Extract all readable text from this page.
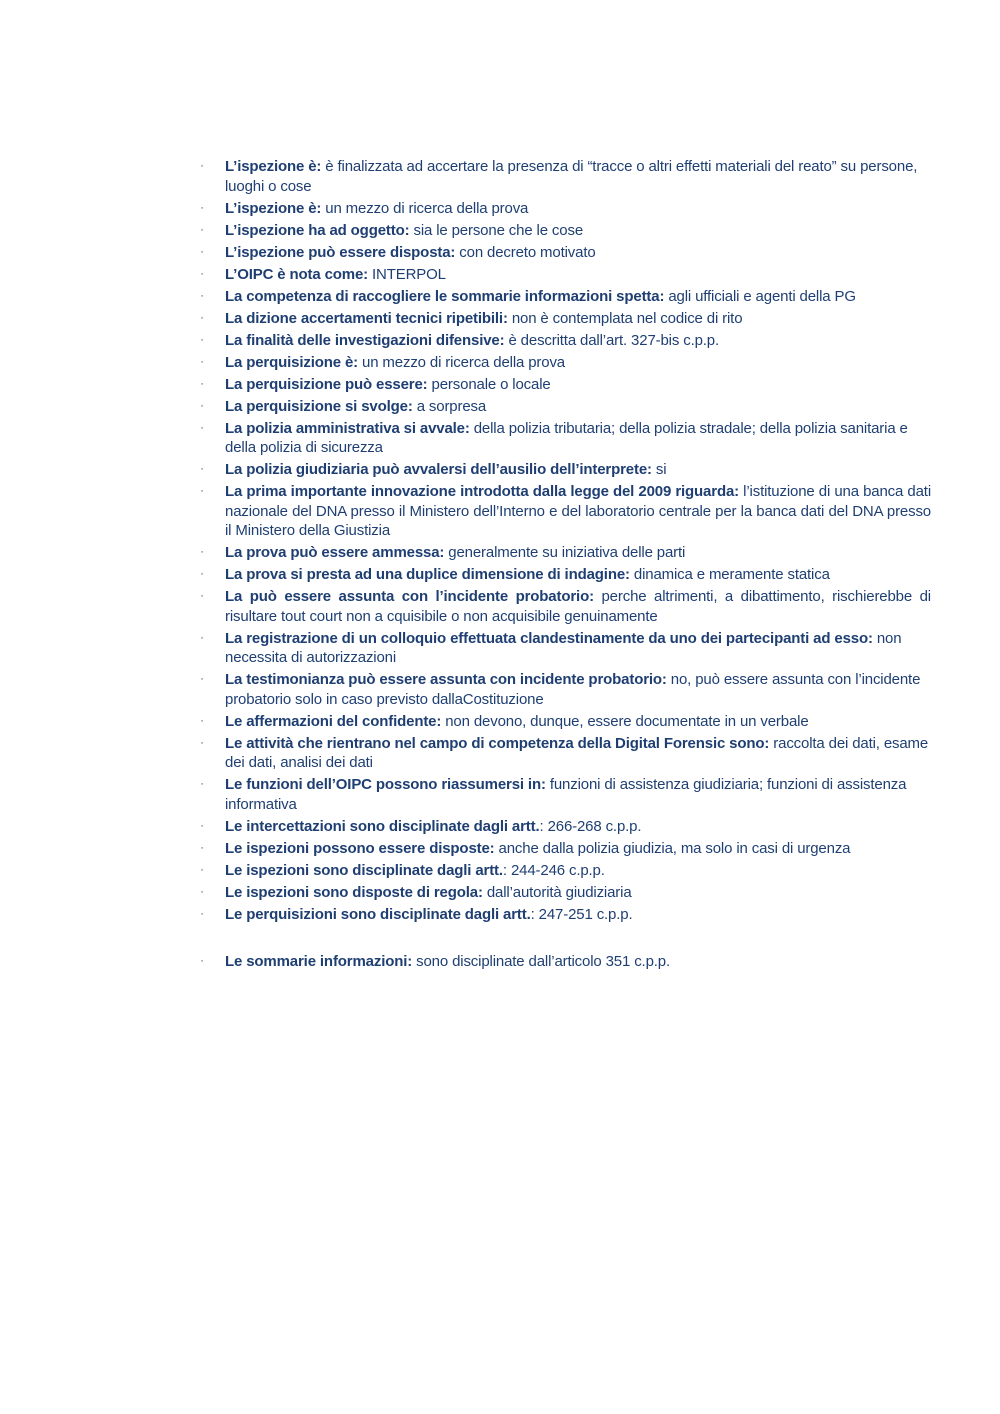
· L’ispezione è: è finalizzata ad accertare la presenza di “tracce o altri effetti materiali del reato” su persone, luoghi o cose
· L’ispezione è: un mezzo di ricerca della prova
· L’ispezione ha ad oggetto: sia le persone che le cose
· L’ispezione può essere disposta: con decreto motivato
· L’OIPC è nota come: INTERPOL
· La competenza di raccogliere le sommarie informazioni spetta: agli ufficiali e agenti della PG
· La dizione accertamenti tecnici ripetibili: non è contemplata nel codice di rito
· La finalità delle investigazioni difensive: è descritta dall’art. 327-bis c.p.p.
· La perquisizione è: un mezzo di ricerca della prova
· La perquisizione può essere: personale o locale
· La perquisizione si svolge: a sorpresa
· La polizia amministrativa si avvale: della polizia tributaria; della polizia stradale; della polizia sanitaria e della polizia di sicurezza
· La polizia giudiziaria può avvalersi dell’ausilio dell’interprete: si
· La prima importante innovazione introdotta dalla legge del 2009 riguarda: l’istituzione di una banca dati nazionale del DNA presso il Ministero dell’Interno e del laboratorio centrale per la banca dati del DNA presso il Ministero della Giustizia
· La prova può essere ammessa: generalmente su iniziativa delle parti
· La prova si presta ad una duplice dimensione di indagine: dinamica e meramente statica
· La può essere assunta con l’incidente probatorio: perche altrimenti, a dibattimento, rischierebbe di risultare tout court non a cquisibile o non acquisibile genuinamente
· La registrazione di un colloquio effettuata clandestinamente da uno dei partecipanti ad esso: non necessita di autorizzazioni
· La testimonianza può essere assunta con incidente probatorio: no, può essere assunta con l’incidente probatorio solo in caso previsto dallaCostituzione
· Le affermazioni del confidente: non devono, dunque, essere documentate in un verbale
· Le attività che rientrano nel campo di competenza della Digital Forensic sono: raccolta dei dati, esame dei dati, analisi dei dati
· Le funzioni dell’OIPC possono riassumersi in: funzioni di assistenza giudiziaria; funzioni di assistenza informativa
· Le intercettazioni sono disciplinate dagli artt.: 266-268 c.p.p.
· Le ispezioni possono essere disposte: anche dalla polizia giudizia, ma solo in casi di urgenza
· Le ispezioni sono disciplinate dagli artt.: 244-246 c.p.p.
· Le ispezioni sono disposte di regola: dall’autorità giudiziaria
· Le perquisizioni sono disciplinate dagli artt.: 247-251 c.p.p.
· Le sommarie informazioni: sono disciplinate dall’articolo 351 c.p.p.
